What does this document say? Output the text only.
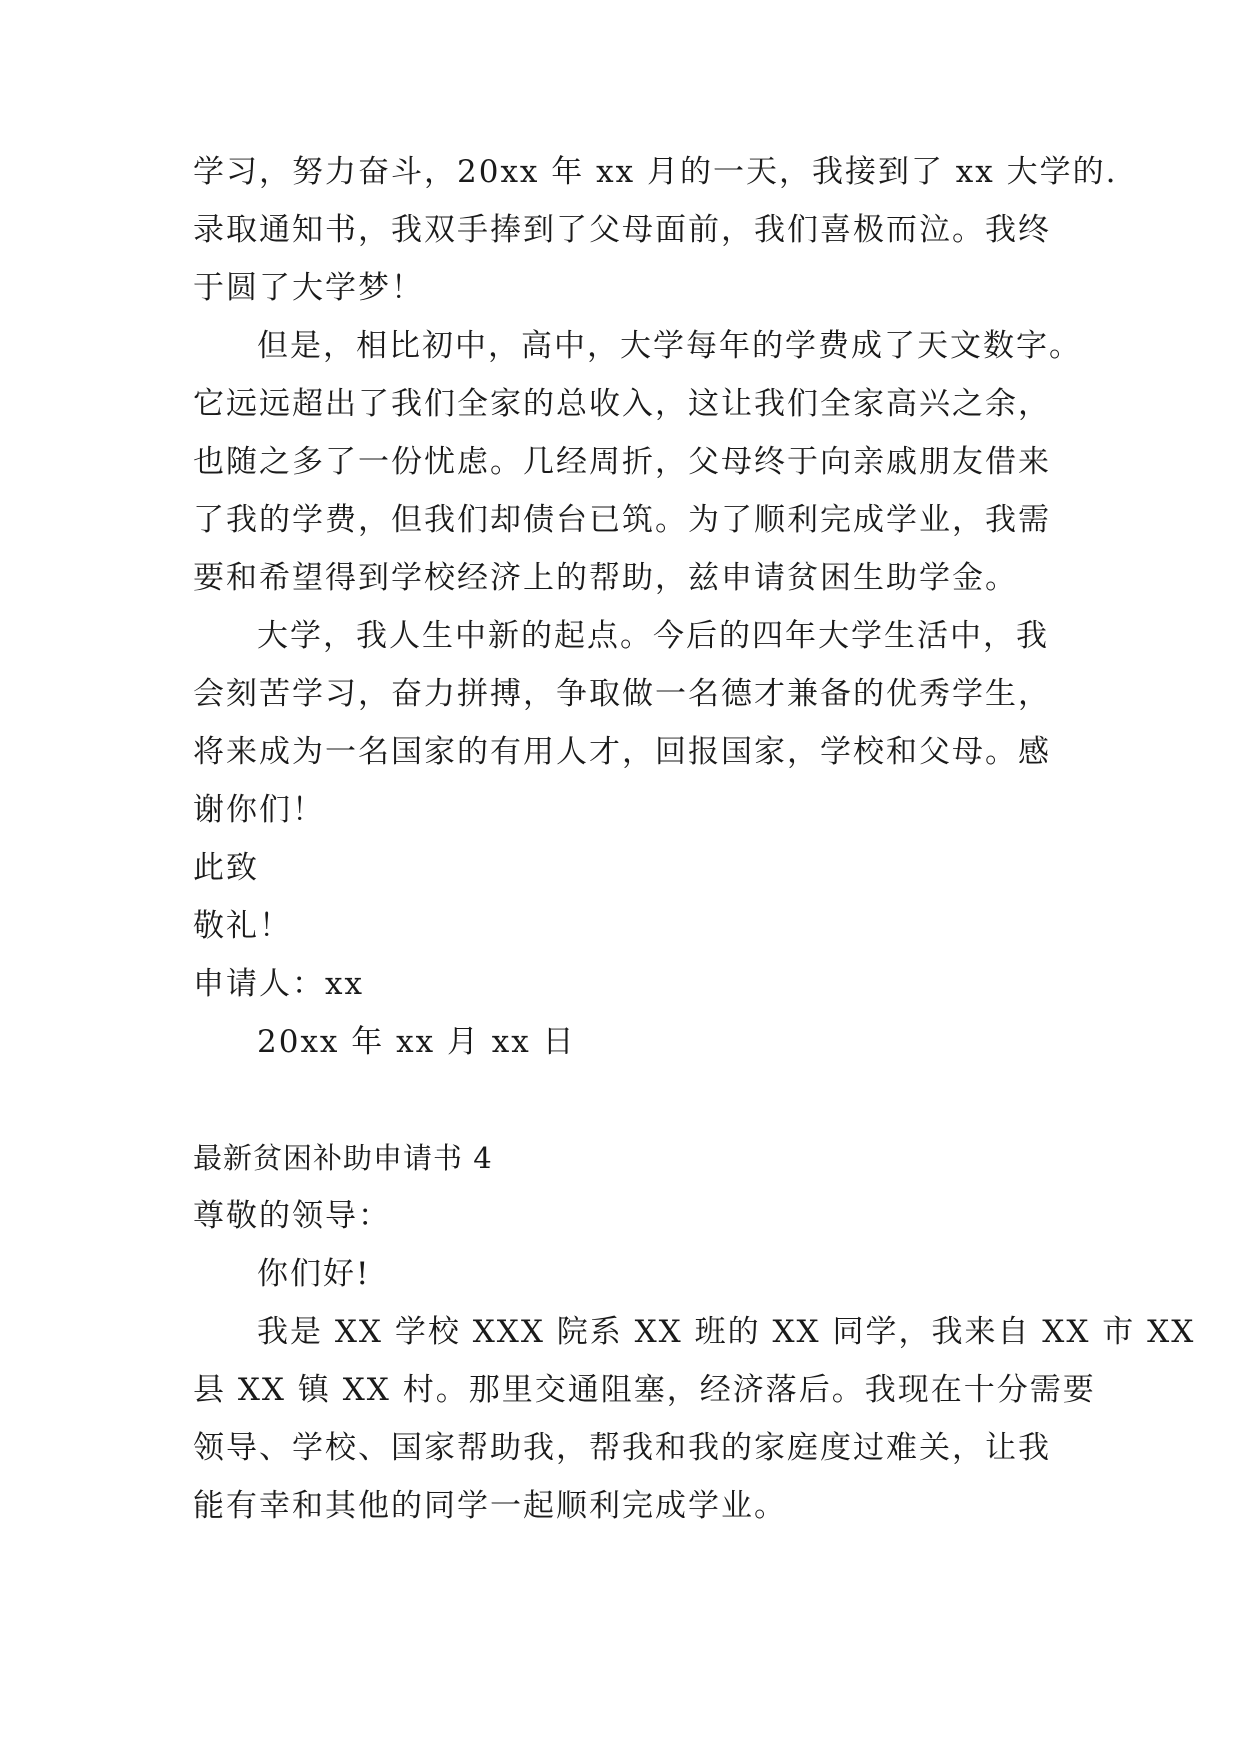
学习，努力奋斗，20xx 年 xx 月的一天，我接到了 xx 大学的.
录取通知书，我双手捧到了父母面前，我们喜极而泣。我终
于圆了大学梦！
但是，相比初中，高中，大学每年的学费成了天文数字。
它远远超出了我们全家的总收入，这让我们全家高兴之余，
也随之多了一份忧虑。几经周折，父母终于向亲戚朋友借来
了我的学费，但我们却债台已筑。为了顺利完成学业，我需
要和希望得到学校经济上的帮助，兹申请贫困生助学金。
大学，我人生中新的起点。今后的四年大学生活中，我
会刻苦学习，奋力拼搏，争取做一名德才兼备的优秀学生，
将来成为一名国家的有用人才，回报国家，学校和父母。感
谢你们！
此致
敬礼！
申请人：xx
20xx 年 xx 月 xx 日
最新贫困补助申请书 4
尊敬的领导：
你们好!
我是 XX 学校 XXX 院系 XX 班的 XX 同学，我来自 XX 市 XX
县 XX 镇 XX 村。那里交通阻塞，经济落后。我现在十分需要
领导、学校、国家帮助我，帮我和我的家庭度过难关，让我
能有幸和其他的同学一起顺利完成学业。
